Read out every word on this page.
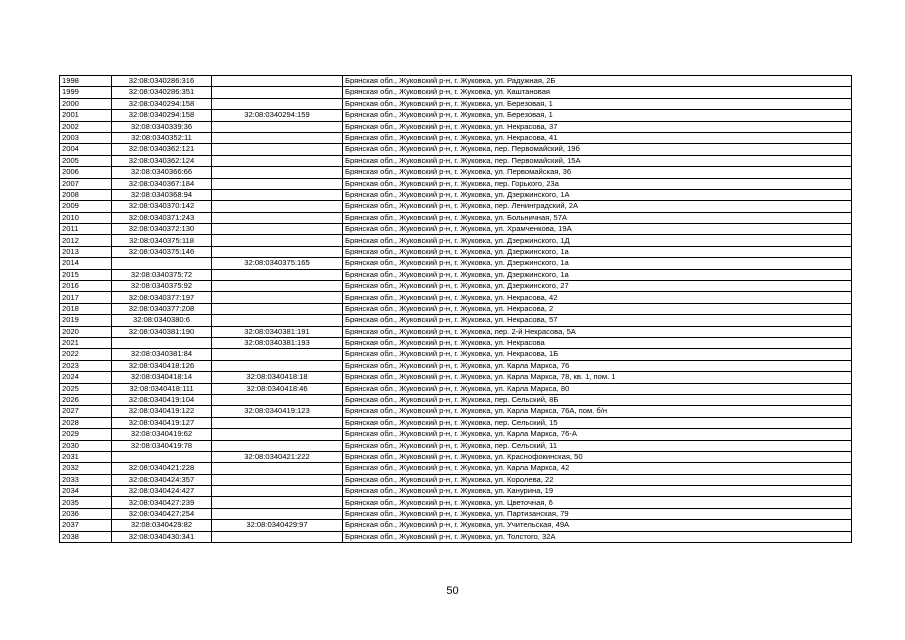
1998	32:08:0340286:316		Брянская обл., Жуковский р-н, г. Жуковка, ул. Радужная, 2Б
1999	32:08:0340286:351		Брянская обл., Жуковский р-н, г. Жуковка, ул. Каштановая
2000	32:08:0340294:158		Брянская обл., Жуковский р-н, г. Жуковка, ул. Березовая, 1
2001	32:08:0340294:158	32:08:0340294:159	Брянская обл., Жуковский р-н, г. Жуковка, ул. Березовая, 1
2002	32:08:0340339:36		Брянская обл., Жуковский р-н, г. Жуковка, ул. Некрасова, 37
2003	32:08:0340352:11		Брянская обл., Жуковский р-н, г. Жуковка, ул. Некрасова, 41
2004	32:08:0340362:121		Брянская обл., Жуковский р-н, г. Жуковка, пер. Первомайский, 19б
2005	32:08:0340362:124		Брянская обл., Жуковский р-н, г. Жуковка, пер. Первомайский, 15А
2006	32:08:0340366:66		Брянская обл., Жуковский р-н, г. Жуковка, ул. Первомайская, 36
2007	32:08:0340367:184		Брянская обл., Жуковский р-н, г. Жуковка, пер. Горького, 23а
2008	32:08:0340368:94		Брянская обл., Жуковский р-н, г. Жуковка, ул. Дзержинского, 1А
2009	32:08:0340370:142		Брянская обл., Жуковский р-н, г. Жуковка, пер. Ленинградский, 2А
2010	32:08:0340371:243		Брянская обл., Жуковский р-н, г. Жуковка, ул. Больничная, 57А
2011	32:08:0340372:130		Брянская обл., Жуковский р-н, г. Жуковка, ул. Храмченкова, 19А
2012	32:08:0340375:118		Брянская обл., Жуковский р-н, г. Жуковка, ул. Дзержинского, 1Д
2013	32:08:0340375:146		Брянская обл., Жуковский р-н, г. Жуковка, ул. Дзержинского, 1а
2014		32:08:0340375:165	Брянская обл., Жуковский р-н, г. Жуковка, ул. Дзержинского, 1а
2015	32:08:0340375:72		Брянская обл., Жуковский р-н, г. Жуковка, ул. Дзержинского, 1а
2016	32:08:0340375:92		Брянская обл., Жуковский р-н, г. Жуковка, ул. Дзержинского, 27
2017	32:08:0340377:197		Брянская обл., Жуковский р-н, г. Жуковка, ул. Некрасова, 42
2018	32:08:0340377:208		Брянская обл., Жуковский р-н, г. Жуковка, ул. Некрасова, 2
2019	32:08:0340380:6		Брянская обл., Жуковский р-н, г. Жуковка, ул. Некрасова, 57
2020	32:08:0340381:190	32:08:0340381:191	Брянская обл., Жуковский р-н, г. Жуковка, пер. 2-й Некрасова, 5А
2021		32:08:0340381:193	Брянская обл., Жуковский р-н, г. Жуковка, ул. Некрасова
2022	32:08:0340381:84		Брянская обл., Жуковский р-н, г. Жуковка, ул. Некрасова, 1Б
2023	32:08:0340418:126		Брянская обл., Жуковский р-н, г. Жуковка, ул. Карла Маркса, 76
2024	32:08:0340418:14	32:08:0340418:18	Брянская обл., Жуковский р-н, г. Жуковка, ул. Карла Маркса, 78, кв. 1, пом. 1
2025	32:08:0340418:111	32:08:0340418:46	Брянская обл., Жуковский р-н, г. Жуковка, ул. Карла Маркса, 80
2026	32:08:0340419:104		Брянская обл., Жуковский р-н, г. Жуковка, пер. Сельский, 8Б
2027	32:08:0340419:122	32:08:0340419:123	Брянская обл., Жуковский р-н, г. Жуковка, ул. Карла Маркса, 76А, пом. б/н
2028	32:08:0340419:127		Брянская обл., Жуковский р-н, г. Жуковка, пер. Сельский, 15
2029	32:08:0340419:62		Брянская обл., Жуковский р-н, г. Жуковка, ул. Карла Маркса, 76-А
2030	32:08:0340419:78		Брянская обл., Жуковский р-н, г. Жуковка, пер. Сельский, 11
2031		32:08:0340421:222	Брянская обл., Жуковский р-н, г. Жуковка, ул. Краснофокинская, 50
2032	32:08:0340421:228		Брянская обл., Жуковский р-н, г. Жуковка, ул. Карла Маркса, 42
2033	32:08:0340424:357		Брянская обл., Жуковский р-н, г. Жуковка, ул. Королева, 22
2034	32:08:0340424:427		Брянская обл., Жуковский р-н, г. Жуковка, ул. Канурина, 19
2035	32:08:0340427:239		Брянская обл., Жуковский р-н, г. Жуковка, ул. Цветочная, 6
2036	32:08:0340427:254		Брянская обл., Жуковский р-н, г. Жуковка, ул. Партизанская, 79
2037	32:08:0340429:82	32:08:0340429:97	Брянская обл., Жуковский р-н, г. Жуковка, ул. Учительская, 49А
2038	32:08:0340430:341		Брянская обл., Жуковский р-н, г. Жуковка, ул. Толстого, 32А
50
